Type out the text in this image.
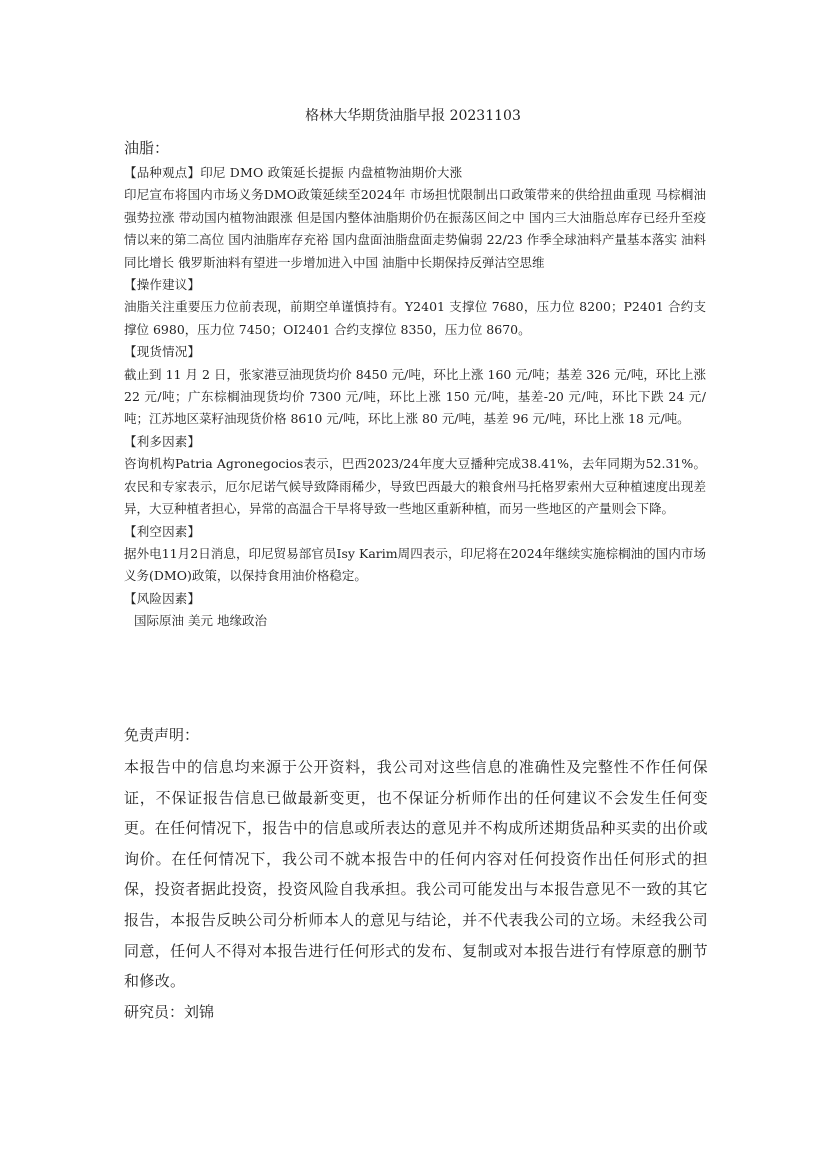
格林大华期货油脂早报 20231103
油脂：

【品种观点】印尼 DMO 政策延长提振 内盘植物油期价大涨

印尼宣布将国内市场义务DMO政策延续至2024年 市场担忧限制出口政策带来的供给扭曲重现 马棕榈油强势拉涨 带动国内植物油跟涨 但是国内整体油脂期价仍在振荡区间之中 国内三大油脂总库存已经升至疫情以来的第二高位 国内油脂库存充裕 国内盘面油脂盘面走势偏弱 22/23 作季全球油料产量基本落实 油料同比增长 俄罗斯油料有望进一步增加进入中国 油脂中长期保持反弹沽空思维

【操作建议】

油脂关注重要压力位前表现，前期空单谨慎持有。Y2401 支撑位 7680，压力位 8200；P2401 合约支撑位 6980，压力位 7450；OI2401 合约支撑位 8350，压力位 8670。

【现货情况】

截止到 11 月 2 日，张家港豆油现货均价 8450 元/吨，环比上涨 160 元/吨；基差 326 元/吨，环比上涨 22 元/吨；广东棕榈油现货均价 7300 元/吨，环比上涨 150 元/吨，基差-20 元/吨，环比下跌 24 元/吨；江苏地区菜籽油现货价格 8610 元/吨，环比上涨 80 元/吨，基差 96 元/吨，环比上涨 18 元/吨。

【利多因素】

咨询机构Patria Agronegocios表示，巴西2023/24年度大豆播种完成38.41%，去年同期为52.31%。农民和专家表示，厄尔尼诺气候导致降雨稀少，导致巴西最大的粮食州马托格罗索州大豆种植速度出现差异，大豆种植者担心，异常的高温合干旱将导致一些地区重新种植，而另一些地区的产量则会下降。

【利空因素】

据外电11月2日消息，印尼贸易部官员Isy Karim周四表示，印尼将在2024年继续实施棕榈油的国内市场义务(DMO)政策，以保持食用油价格稳定。

【风险因素】

国际原油 美元 地缘政治

免责声明：

本报告中的信息均来源于公开资料，我公司对这些信息的准确性及完整性不作任何保证，不保证报告信息已做最新变更，也不保证分析师作出的任何建议不会发生任何变更。在任何情况下，报告中的信息或所表达的意见并不构成所述期货品种买卖的出价或询价。在任何情况下，我公司不就本报告中的任何内容对任何投资作出任何形式的担保，投资者据此投资，投资风险自我承担。我公司可能发出与本报告意见不一致的其它报告，本报告反映公司分析师本人的意见与结论，并不代表我公司的立场。未经我公司同意，任何人不得对本报告进行任何形式的发布、复制或对本报告进行有悖原意的删节和修改。

研究员：刘锦
